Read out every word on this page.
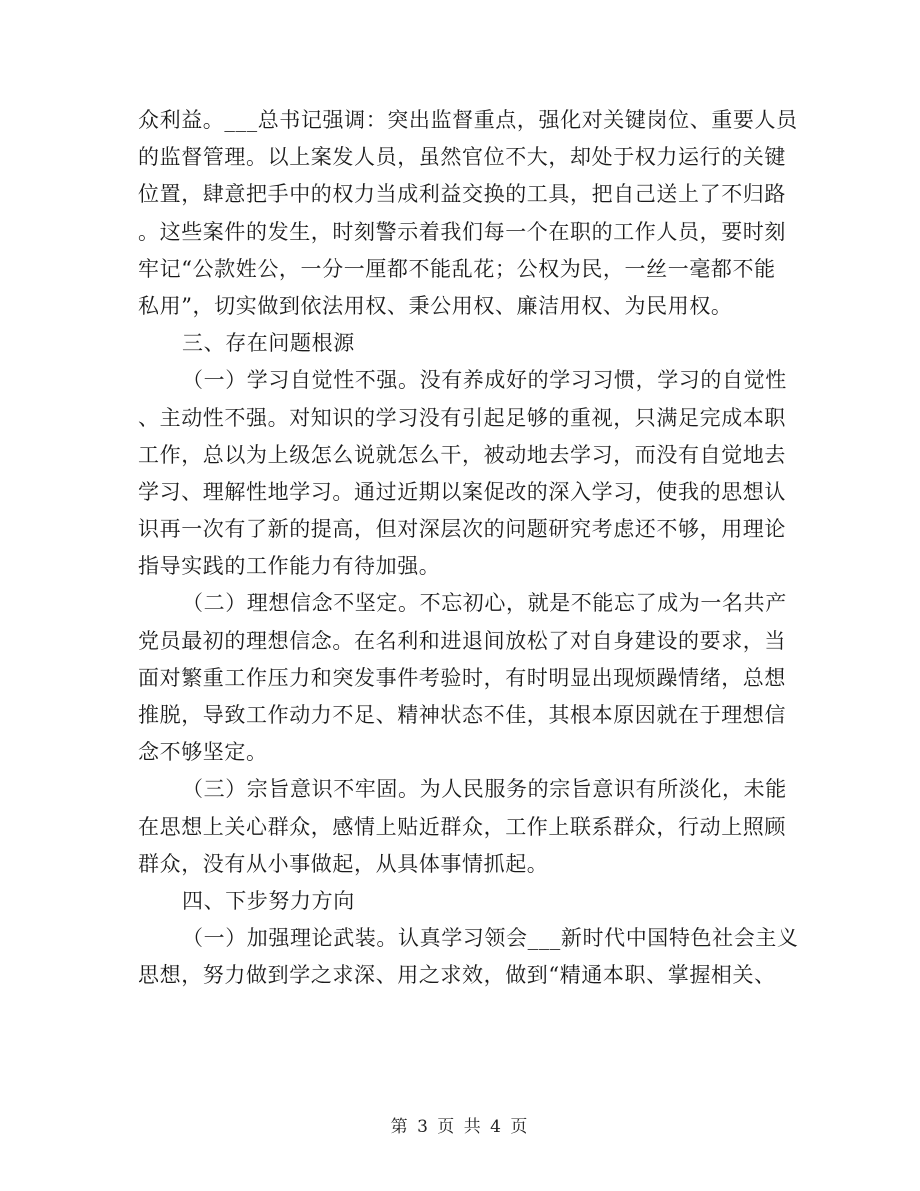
众利益。___总书记强调：突出监督重点，强化对关键岗位、重要人员
的监督管理。以上案发人员，虽然官位不大，却处于权力运行的关键
位置，肆意把手中的权力当成利益交换的工具，把自己送上了不归路
。这些案件的发生，时刻警示着我们每一个在职的工作人员，要时刻
牢记“公款姓公，一分一厘都不能乱花；公权为民，一丝一毫都不能
私用”，切实做到依法用权、秉公用权、廉洁用权、为民用权。
三、存在问题根源
（一）学习自觉性不强。没有养成好的学习习惯，学习的自觉性
、主动性不强。对知识的学习没有引起足够的重视，只满足完成本职
工作，总以为上级怎么说就怎么干，被动地去学习，而没有自觉地去
学习、理解性地学习。通过近期以案促改的深入学习，使我的思想认
识再一次有了新的提高，但对深层次的问题研究考虑还不够，用理论
指导实践的工作能力有待加强。
（二）理想信念不坚定。不忘初心，就是不能忘了成为一名共产
党员最初的理想信念。在名利和进退间放松了对自身建设的要求，当
面对繁重工作压力和突发事件考验时，有时明显出现烦躁情绪，总想
推脱，导致工作动力不足、精神状态不佳，其根本原因就在于理想信
念不够坚定。
（三）宗旨意识不牢固。为人民服务的宗旨意识有所淡化，未能
在思想上关心群众，感情上贴近群众，工作上联系群众，行动上照顾
群众，没有从小事做起，从具体事情抓起。
四、下步努力方向
（一）加强理论武装。认真学习领会___新时代中国特色社会主义
思想，努力做到学之求深、用之求效，做到“精通本职、掌握相关、
第 3 页 共 4 页
